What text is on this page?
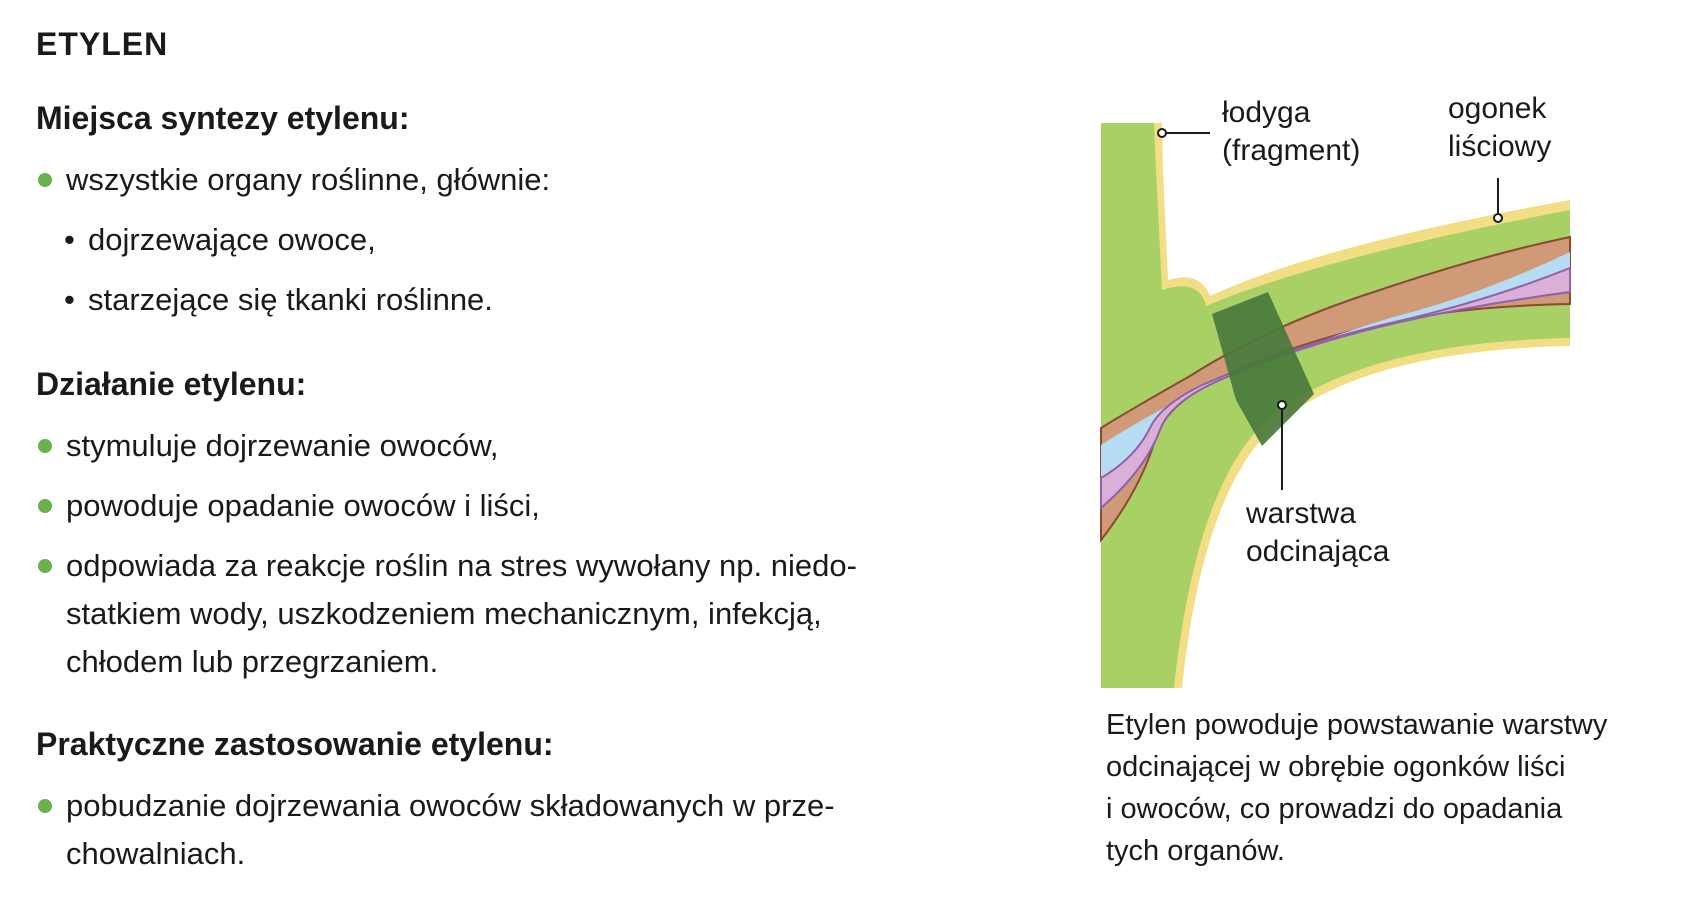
ETYLEN
Miejsca syntezy etylenu:
wszystkie organy roślinne, głównie:
• dojrzewające owoce,
• starzejące się tkanki roślinne.
Działanie etylenu:
stymuluje dojrzewanie owoców,
powoduje opadanie owoców i liści,
odpowiada za reakcje roślin na stres wywołany np. niedo-
statkiem wody, uszkodzeniem mechanicznym, infekcją,
chłodem lub przegrzaniem.
Praktyczne zastosowanie etylenu:
pobudzanie dojrzewania owoców składowanych w prze-
chowalniach.
łodyga
(fragment)
ogonek
liściowy
warstwa
odcinająca
Etylen powoduje powstawanie warstwy
odcinającej w obrębie ogonków liści
i owoców, co prowadzi do opadania
tych organów.
